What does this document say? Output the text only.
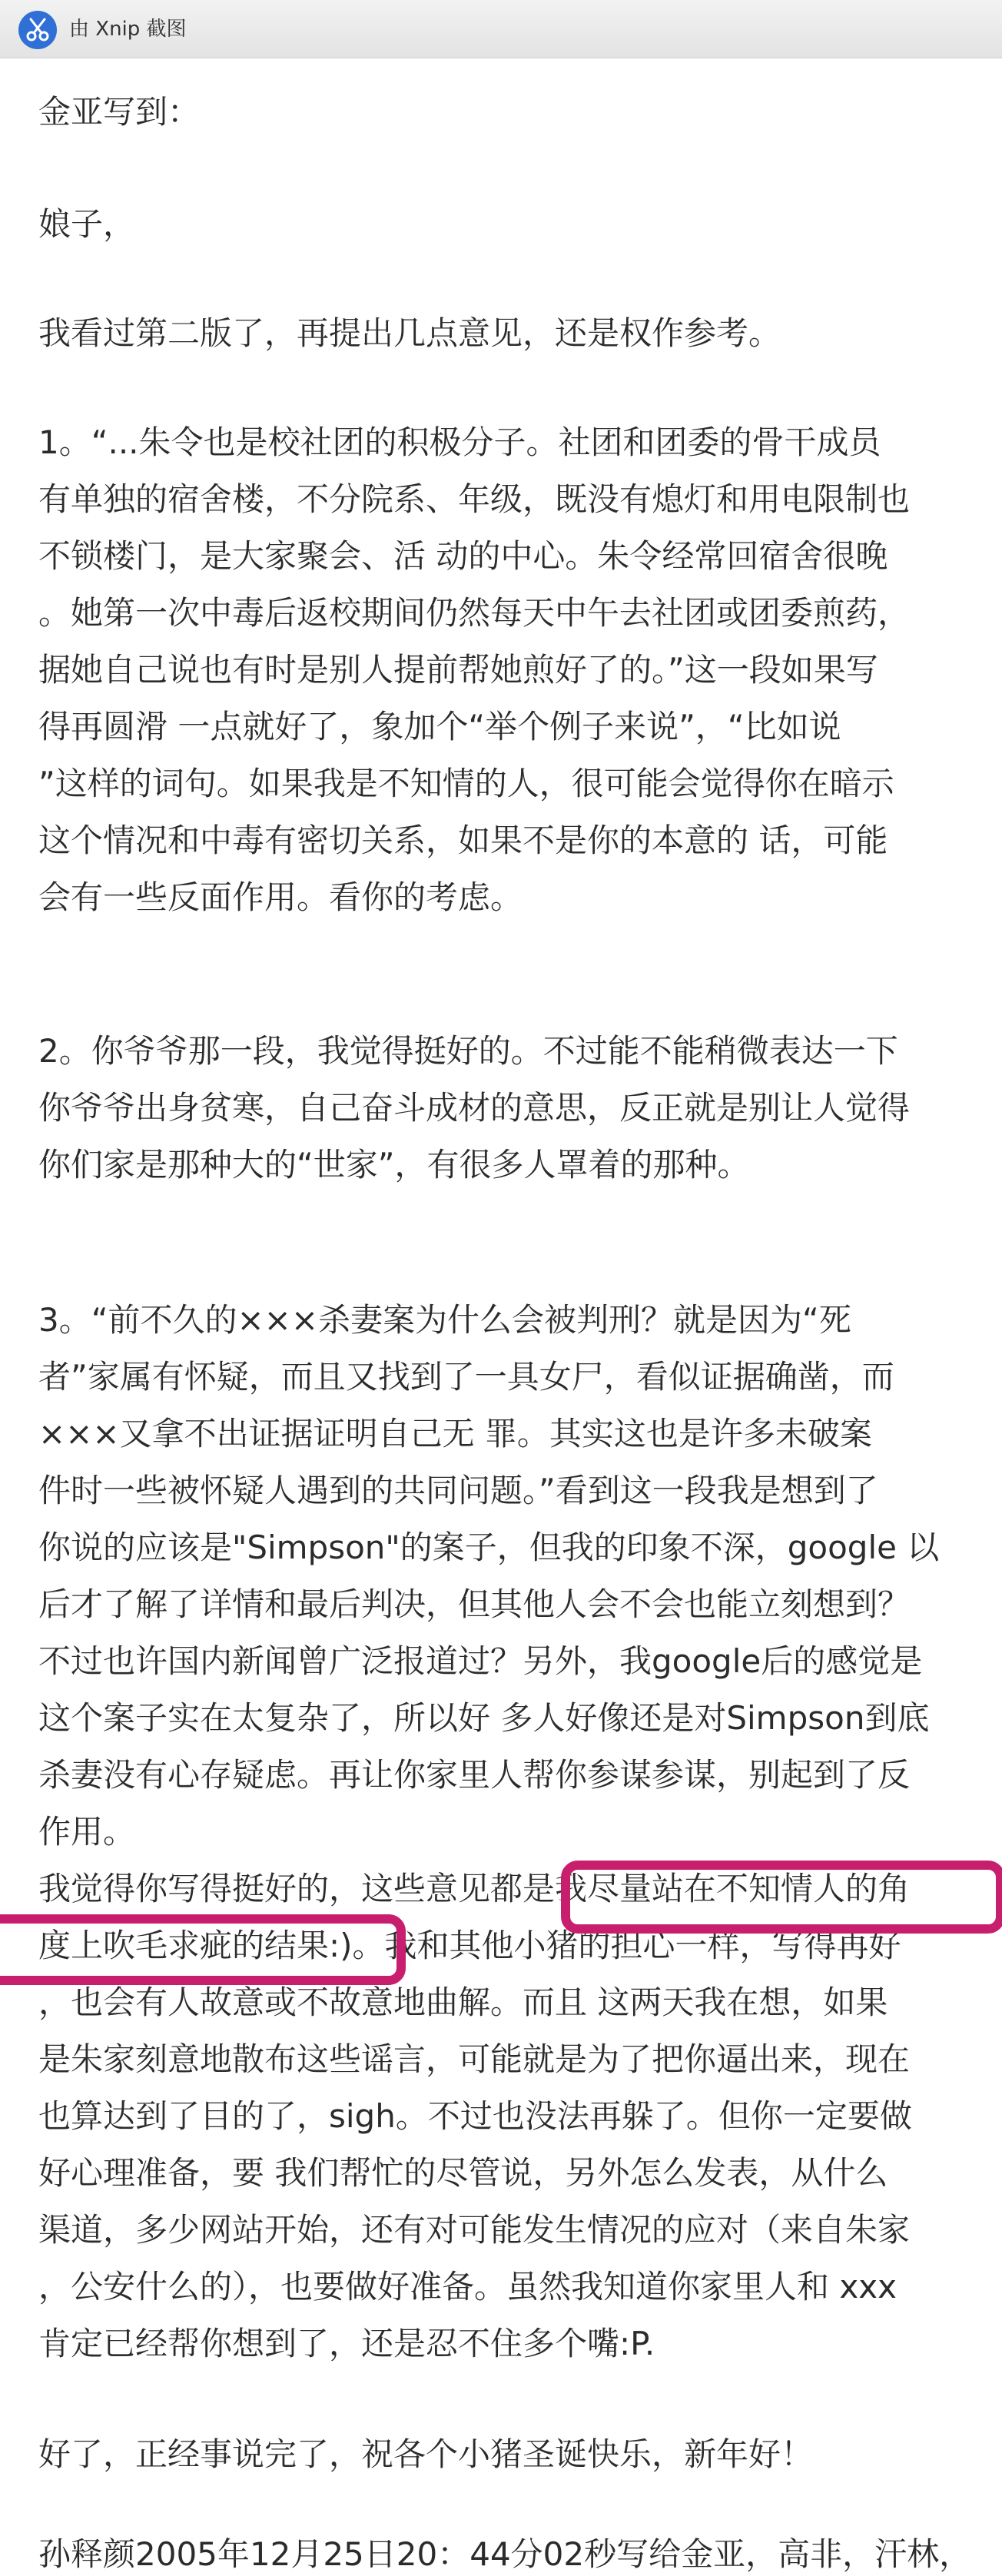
由 Xnip 截图
金亚写到：
娘子，
我看过第二版了，再提出几点意见，还是权作参考。
1。“...朱令也是校社团的积极分子。社团和团委的骨干成员
有单独的宿舍楼，不分院系、年级，既没有熄灯和用电限制也
不锁楼门，是大家聚会、活 动的中心。朱令经常回宿舍很晚
。她第一次中毒后返校期间仍然每天中午去社团或团委煎药，
据她自己说也有时是别人提前帮她煎好了的。”这一段如果写
得再圆滑 一点就好了，象加个“举个例子来说”，“比如说
”这样的词句。如果我是不知情的人，很可能会觉得你在暗示
这个情况和中毒有密切关系，如果不是你的本意的 话，可能
会有一些反面作用。看你的考虑。
2。你爷爷那一段，我觉得挺好的。不过能不能稍微表达一下
你爷爷出身贫寒，自己奋斗成材的意思，反正就是别让人觉得
你们家是那种大的“世家”，有很多人罩着的那种。
3。“前不久的×××杀妻案为什么会被判刑？就是因为“死
者”家属有怀疑，而且又找到了一具女尸，看似证据确凿，而
×××又拿不出证据证明自己无 罪。其实这也是许多未破案
件时一些被怀疑人遇到的共同问题。”看到这一段我是想到了
你说的应该是"Simpson"的案子，但我的印象不深，google 以
后才了解了详情和最后判决，但其他人会不会也能立刻想到？
不过也许国内新闻曾广泛报道过？另外，我google后的感觉是
这个案子实在太复杂了，所以好 多人好像还是对Simpson到底
杀妻没有心存疑虑。再让你家里人帮你参谋参谋，别起到了反
作用。
我觉得你写得挺好的，这些意见都是我尽量站在不知情人的角
度上吹毛求疵的结果:)。我和其他小猪的担心一样，写得再好
，也会有人故意或不故意地曲解。而且 这两天我在想，如果
是朱家刻意地散布这些谣言，可能就是为了把你逼出来，现在
也算达到了目的了，sigh。不过也没法再躲了。但你一定要做
好心理准备，要 我们帮忙的尽管说，另外怎么发表，从什么
渠道，多少网站开始，还有对可能发生情况的应对（来自朱家
，公安什么的），也要做好准备。虽然我知道你家里人和 xxx
肯定已经帮你想到了，还是忍不住多个嘴:P.
好了，正经事说完了，祝各个小猪圣诞快乐，新年好！
孙释颜2005年12月25日20：44分02秒写给金亚，高非，汗林，
